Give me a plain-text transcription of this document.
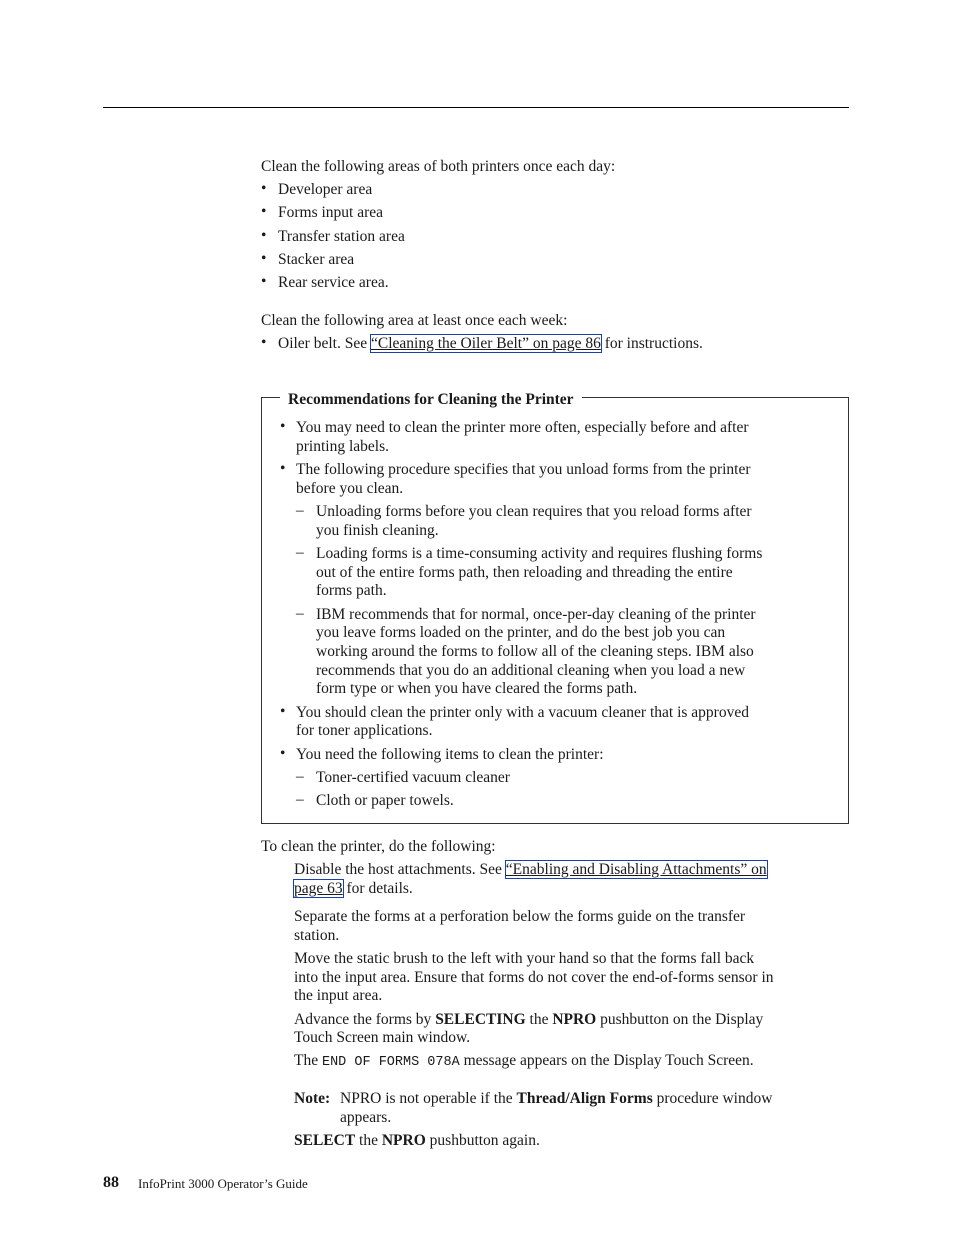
Clean the following areas of both printers once each day:
• Developer area
• Forms input area
• Transfer station area
• Stacker area
• Rear service area.
Clean the following area at least once each week:
• Oiler belt. See “Cleaning the Oiler Belt” on page 86 for instructions.
Recommendations for Cleaning the Printer
• You may need to clean the printer more often, especially before and after
printing labels.
• The following procedure specifies that you unload forms from the printer
before you clean.
– Unloading forms before you clean requires that you reload forms after
you finish cleaning.
– Loading forms is a time-consuming activity and requires flushing forms
out of the entire forms path, then reloading and threading the entire
forms path.
– IBM recommends that for normal, once-per-day cleaning of the printer
you leave forms loaded on the printer, and do the best job you can
working around the forms to follow all of the cleaning steps. IBM also
recommends that you do an additional cleaning when you load a new
form type or when you have cleared the forms path.
• You should clean the printer only with a vacuum cleaner that is approved
for toner applications.
• You need the following items to clean the printer:
– Toner-certified vacuum cleaner
– Cloth or paper towels.
To clean the printer, do the following:
Disable the host attachments. See “Enabling and Disabling Attachments” on
page 63 for details.
Separate the forms at a perforation below the forms guide on the transfer
station.
Move the static brush to the left with your hand so that the forms fall back
into the input area. Ensure that forms do not cover the end-of-forms sensor in
the input area.
Advance the forms by SELECTING the NPRO pushbutton on the Display
Touch Screen main window.
The END OF FORMS 078A message appears on the Display Touch Screen.
Note: NPRO is not operable if the Thread/Align Forms procedure window
appears.
SELECT the NPRO pushbutton again.
88 InfoPrint 3000 Operator’s Guide
